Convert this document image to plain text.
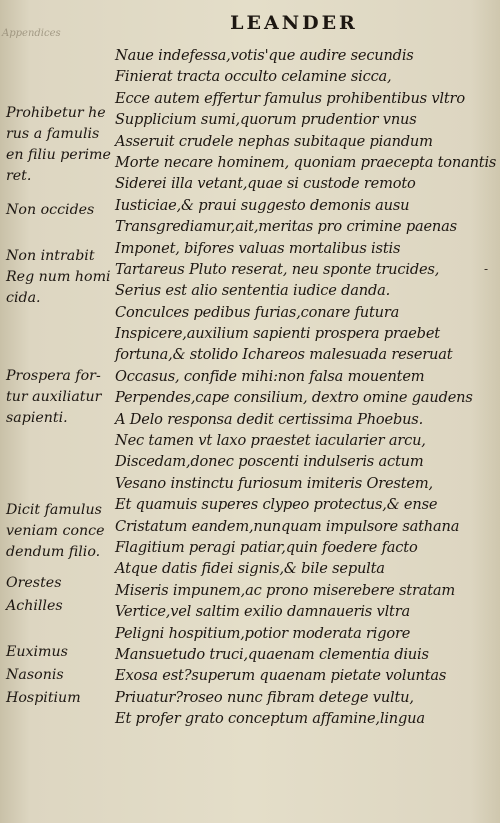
Appendices	LEANDER
Naue indefessa,votis'que audire secundis
Finierat tracta occulto celamine sicca,
Ecce autem effertur famulus prohibentibus vltro
Supplicium sumi,quorum prudentior vnus
Asseruit crudele nephas subitaque piandum
Morte necare hominem, quoniam praecepta tonantis
Siderei illa vetant,quae si custode remoto
Iusticiae,& praui suggesto demonis ausu
Transgrediamur,ait,meritas pro crimine paenas
Imponet, bifores valuas mortalibus istis
Tartareus Pluto reserat, neu sponte trucides,
Serius est alio sententia iudice danda.
Conculces pedibus furias,conare futura
Inspicere,auxilium sapienti prospera praebet
fortuna,& stolido Ichareos malesuada reseruat
Occasus, confide mihi:non falsa mouentem
Perpendes,cape consilium, dextro omine gaudens
A Delo responsa dedit certissima Phoebus.
Nec tamen vt laxo praestet iacularier arcu,
Discedam,donec poscenti indulseris actum
Vesano instinctu furiosum imiteris Orestem,
Et quamuis superes clypeo protectus,& ense
Cristatum eandem,nunquam impulsore sathana
Flagitium peragi patiar,quin foedere facto
Atque datis fidei signis,& bile sepulta
Miseris impunem,ac prono miserebere stratam
Vertice,vel saltim exilio damnaueris vltra
Peligni hospitium,potior moderata rigore
Mansuetudo truci,quaenam clementia diuis
Exosa est?superum quaenam pietate voluntas
Priuatur?roseo nunc fibram detege vultu,
Et profer grato conceptum affamine,lingua
Prohibetur he
rus a famulis
en filiu perime
ret.
Non occides
Non intrabit
Reg num homi
cida.
Prospera for-
tur auxiliatur
sapienti.
Dicit famulus
veniam conce
dendum filio.
Orestes
Achilles
Euximus
Nasonis
Hospitium
-
